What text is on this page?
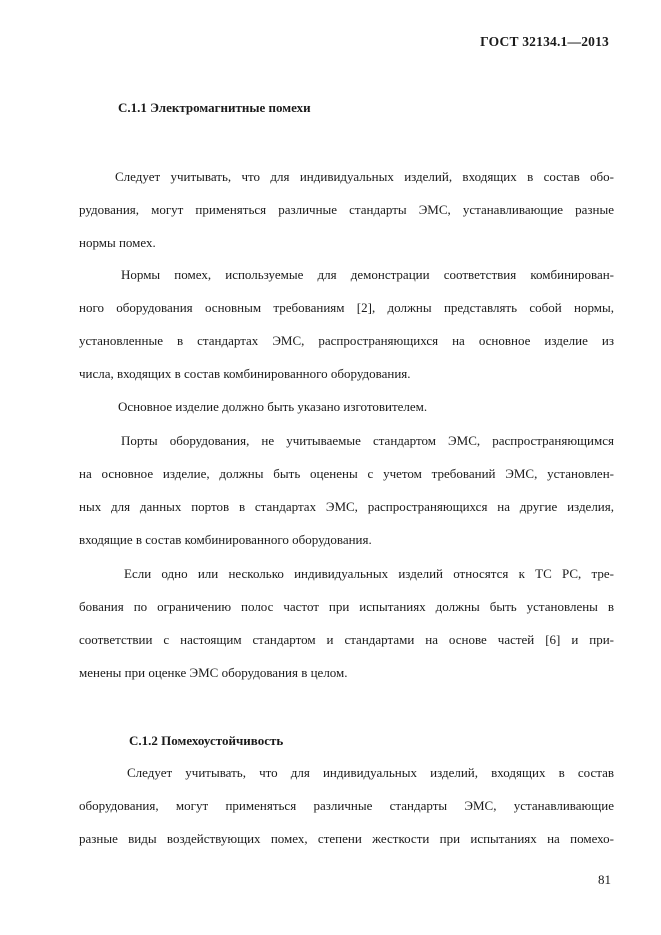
ГОСТ 32134.1—2013
С.1.1 Электромагнитные помехи
Следует учитывать, что для индивидуальных изделий, входящих в состав обо-
рудования, могут применяться различные стандарты ЭМС, устанавливающие разные
нормы помех.
Нормы помех, используемые для демонстрации соответствия комбинирован-
ного оборудования основным требованиям [2], должны представлять собой нормы,
установленные в стандартах ЭМС, распространяющихся на основное изделие из
числа, входящих в состав комбинированного оборудования.
Основное изделие должно быть указано изготовителем.
Порты оборудования, не учитываемые стандартом ЭМС, распространяющимся
на основное изделие, должны быть оценены с учетом требований ЭМС, установлен-
ных для данных портов в стандартах ЭМС, распространяющихся на другие изделия,
входящие в состав комбинированного оборудования.
Если одно или несколько индивидуальных изделий относятся к ТС РС, тре-
бования по ограничению полос частот при испытаниях должны быть установлены в
соответствии с настоящим стандартом и стандартами на основе частей [6] и при-
менены при оценке ЭМС оборудования в целом.
С.1.2 Помехоустойчивость
Следует учитывать, что для индивидуальных изделий, входящих в состав
оборудования, могут применяться различные стандарты ЭМС, устанавливающие
разные виды воздействующих помех, степени жесткости при испытаниях на помехо-
81
